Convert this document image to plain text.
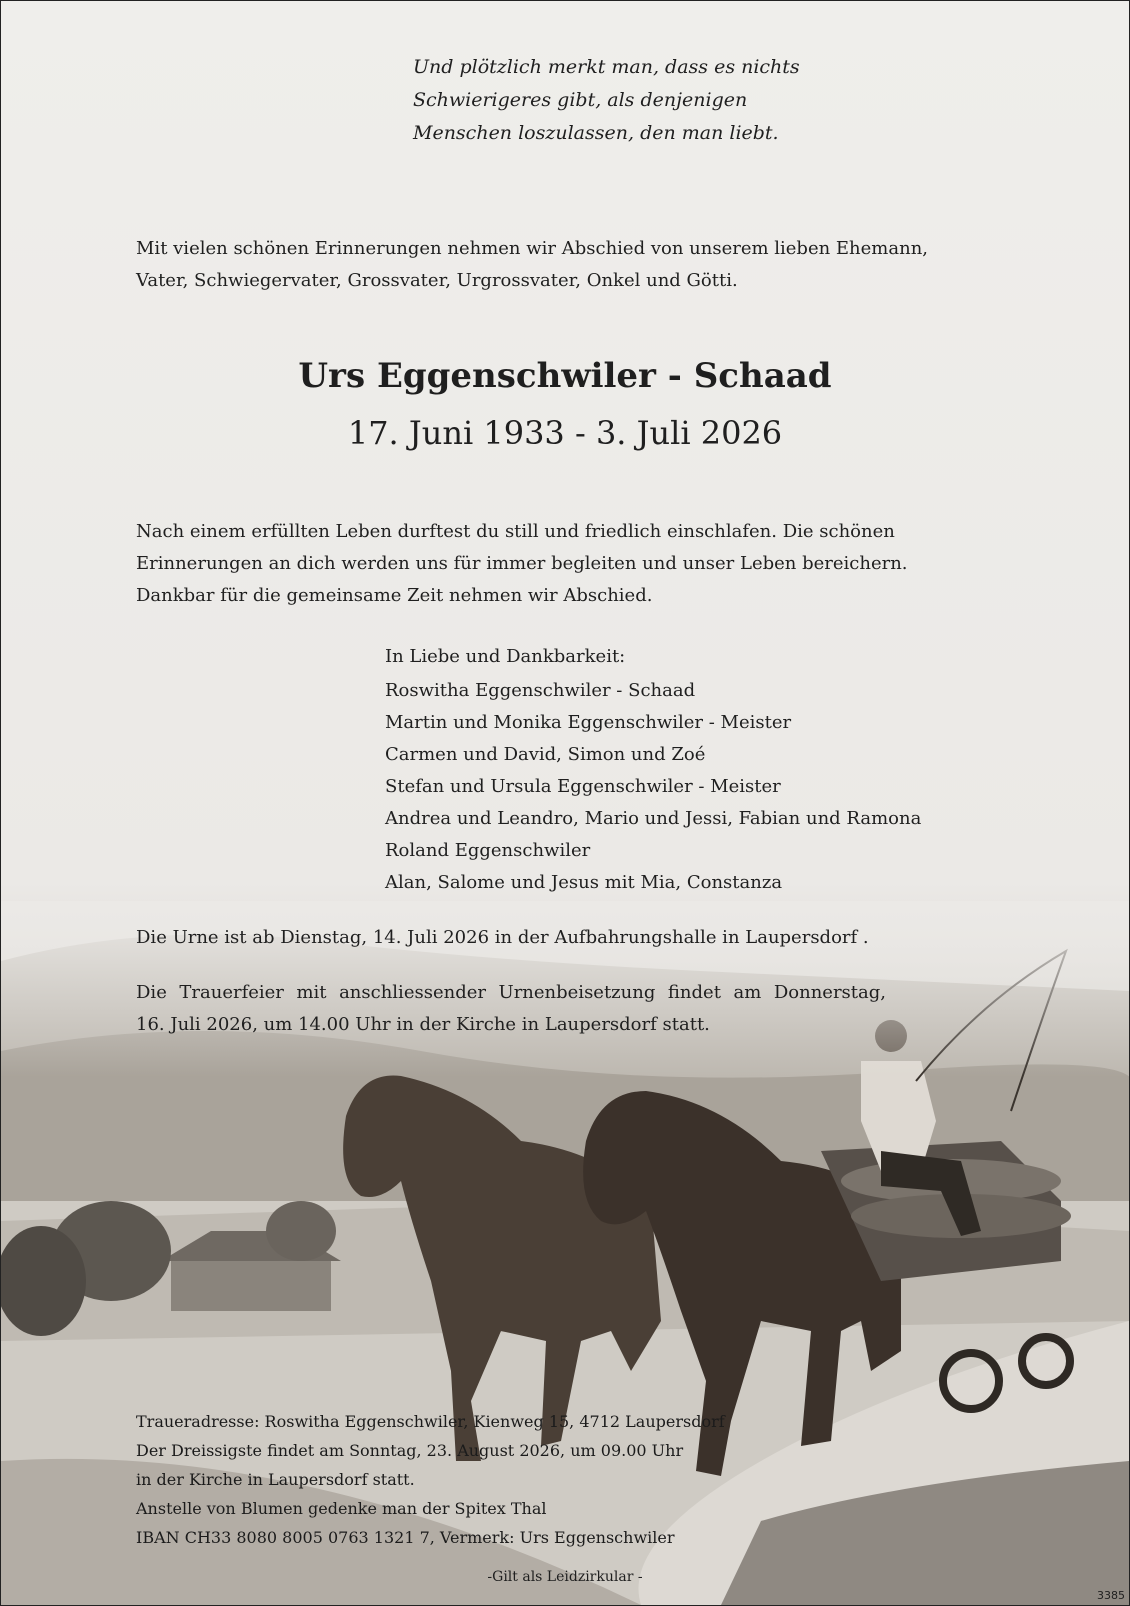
Und plötzlich merkt man, dass es nichts
Schwierigeres gibt, als denjenigen
Menschen loszulassen, den man liebt.
Mit vielen schönen Erinnerungen nehmen wir Abschied von unserem lieben Ehemann,
Vater, Schwiegervater, Grossvater, Urgrossvater, Onkel und Götti.
Urs Eggenschwiler - Schaad
17. Juni 1933 - 3. Juli 2026
Nach einem erfüllten Leben durftest du still und friedlich einschlafen. Die schönen
Erinnerungen an dich werden uns für immer begleiten und unser Leben bereichern.
Dankbar für die gemeinsame Zeit nehmen wir Abschied.
In Liebe und Dankbarkeit:
Roswitha Eggenschwiler - Schaad
Martin und Monika Eggenschwiler - Meister
Carmen und David, Simon und Zoé
Stefan und Ursula Eggenschwiler - Meister
Andrea und Leandro, Mario und Jessi, Fabian und Ramona
Roland Eggenschwiler
Alan, Salome und Jesus mit Mia, Constanza
Die Urne ist ab Dienstag, 14. Juli 2026 in der Aufbahrungshalle in Laupersdorf .
Die Trauerfeier mit anschliessender Urnenbeisetzung findet am Donnerstag,
16. Juli 2026, um 14.00 Uhr in der Kirche in Laupersdorf statt.
Traueradresse: Roswitha Eggenschwiler, Kienweg 15, 4712 Laupersdorf
Der Dreissigste findet am Sonntag, 23. August 2026, um 09.00 Uhr
in der Kirche in Laupersdorf statt.
Anstelle von Blumen gedenke man der Spitex Thal
IBAN CH33 8080 8005 0763 1321 7, Vermerk: Urs Eggenschwiler
-Gilt als Leidzirkular -
3385
